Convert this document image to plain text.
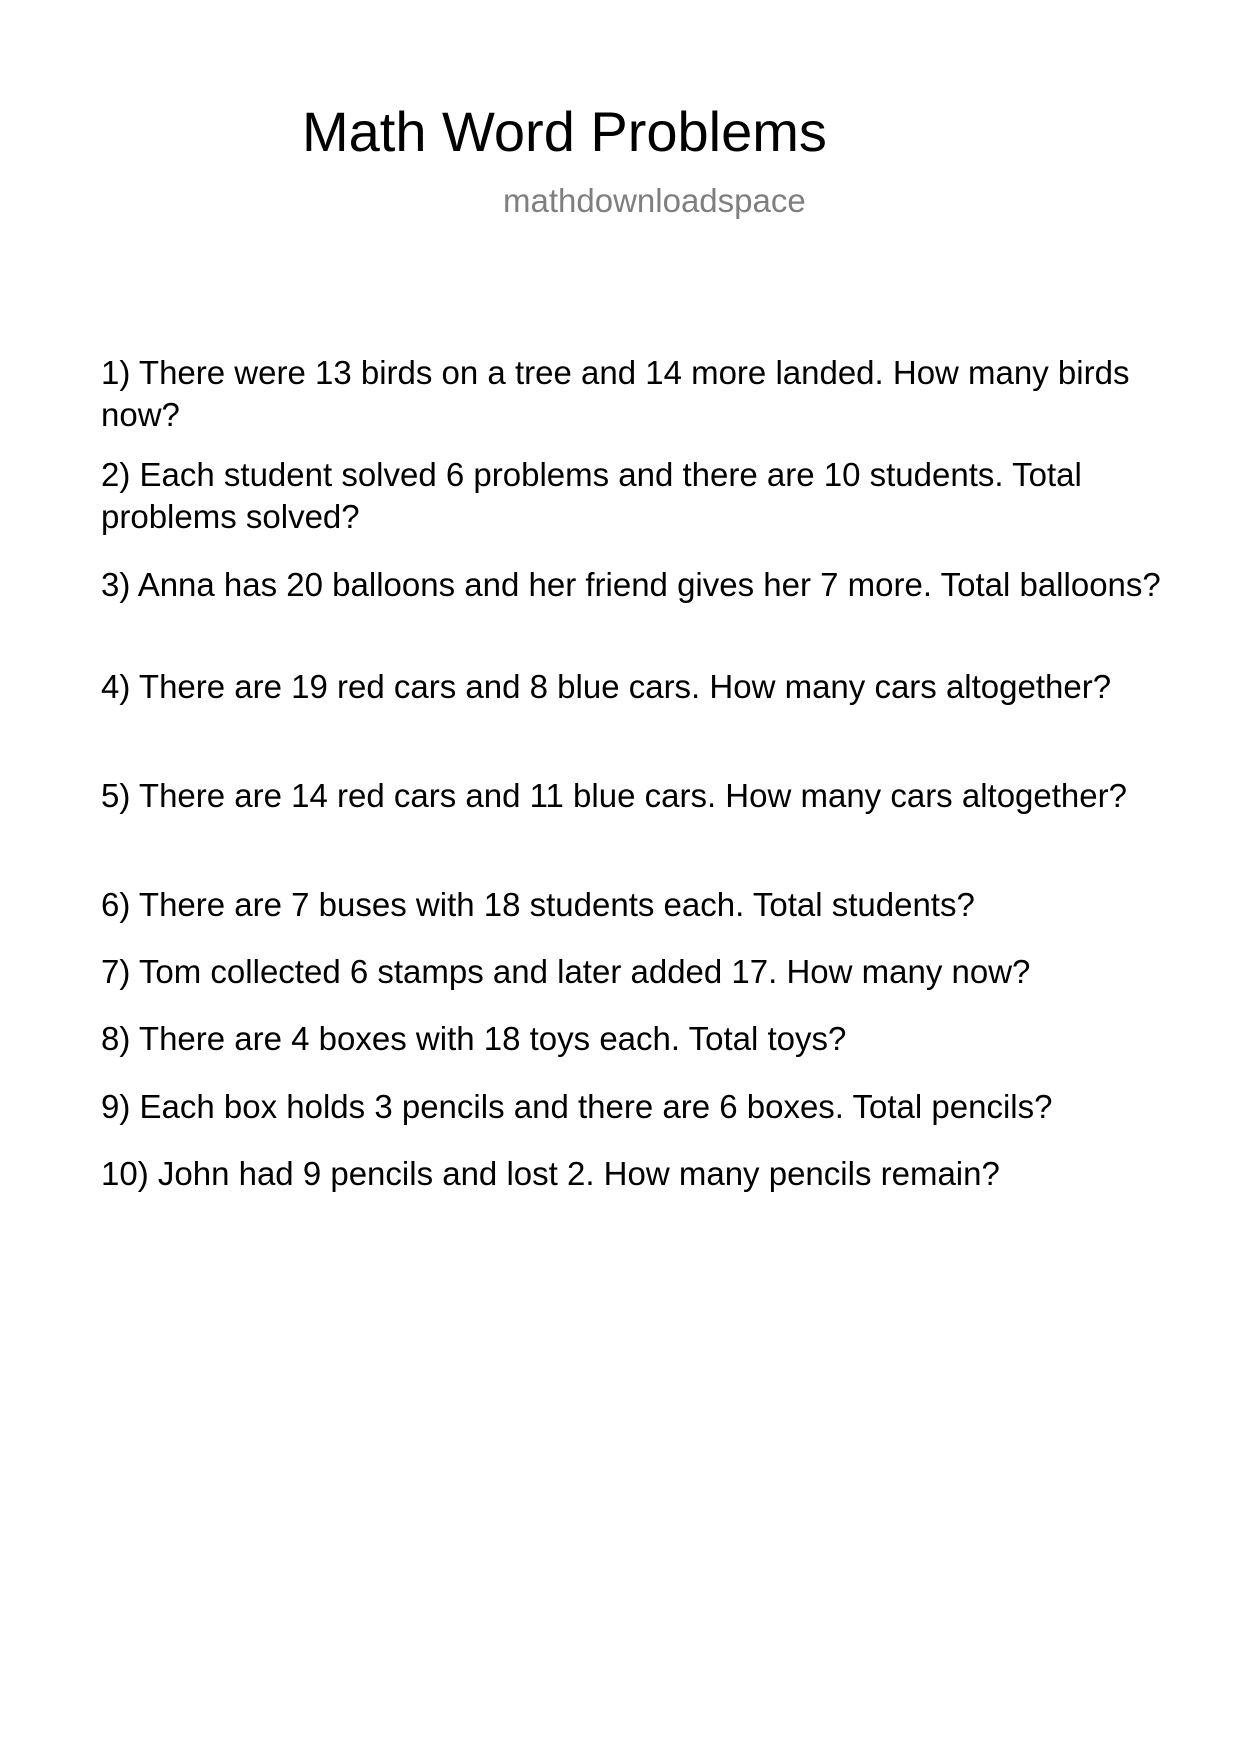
Math Word Problems
mathdownloadspace

1) There were 13 birds on a tree and 14 more landed. How many birds now?

2) Each student solved 6 problems and there are 10 students. Total problems solved?

3) Anna has 20 balloons and her friend gives her 7 more. Total balloons?

4) There are 19 red cars and 8 blue cars. How many cars altogether?

5) There are 14 red cars and 11 blue cars. How many cars altogether?

6) There are 7 buses with 18 students each. Total students?

7) Tom collected 6 stamps and later added 17. How many now?

8) There are 4 boxes with 18 toys each. Total toys?

9) Each box holds 3 pencils and there are 6 boxes. Total pencils?

10) John had 9 pencils and lost 2. How many pencils remain?
